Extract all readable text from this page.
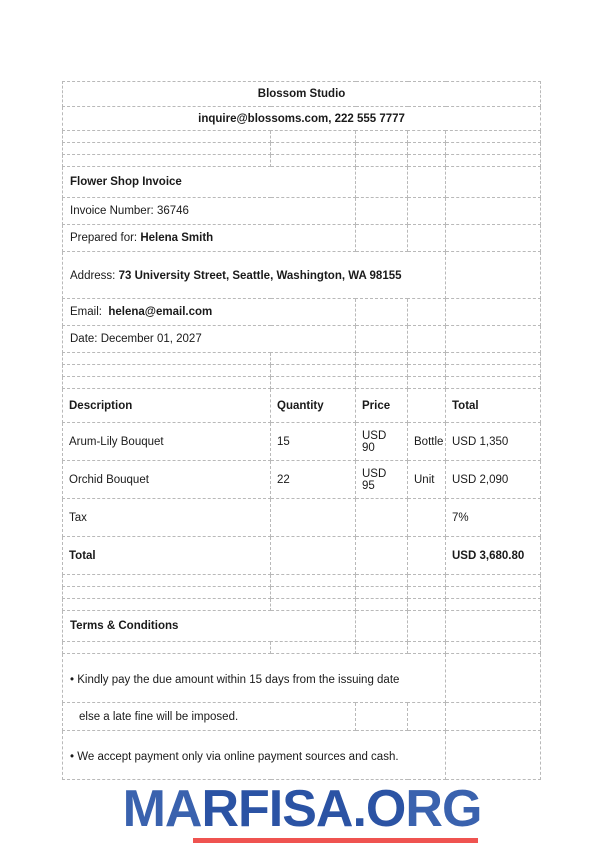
Blossom Studio				
inquire@blossoms.com, 222 555 7777				

Flower Shop Invoice				
Invoice Number: 36746				
Prepared for: Helena Smith				
Address: 73 University Street, Seattle, Washington, WA 98155				
Email: helena@email.com				
Date: December 01, 2027				

Description	Quantity	Price		Total
Arum-Lily Bouquet	15	USD 90	Bottle	USD 1,350
Orchid Bouquet	22	USD 95	Unit	USD 2,090
Tax				7%
Total				USD 3,680.80

Terms & Conditions				

• Kindly pay the due amount within 15 days from the issuing date				
else a late fine will be imposed.				
• We accept payment only via online payment sources and cash.				
MARFISA.ORG
